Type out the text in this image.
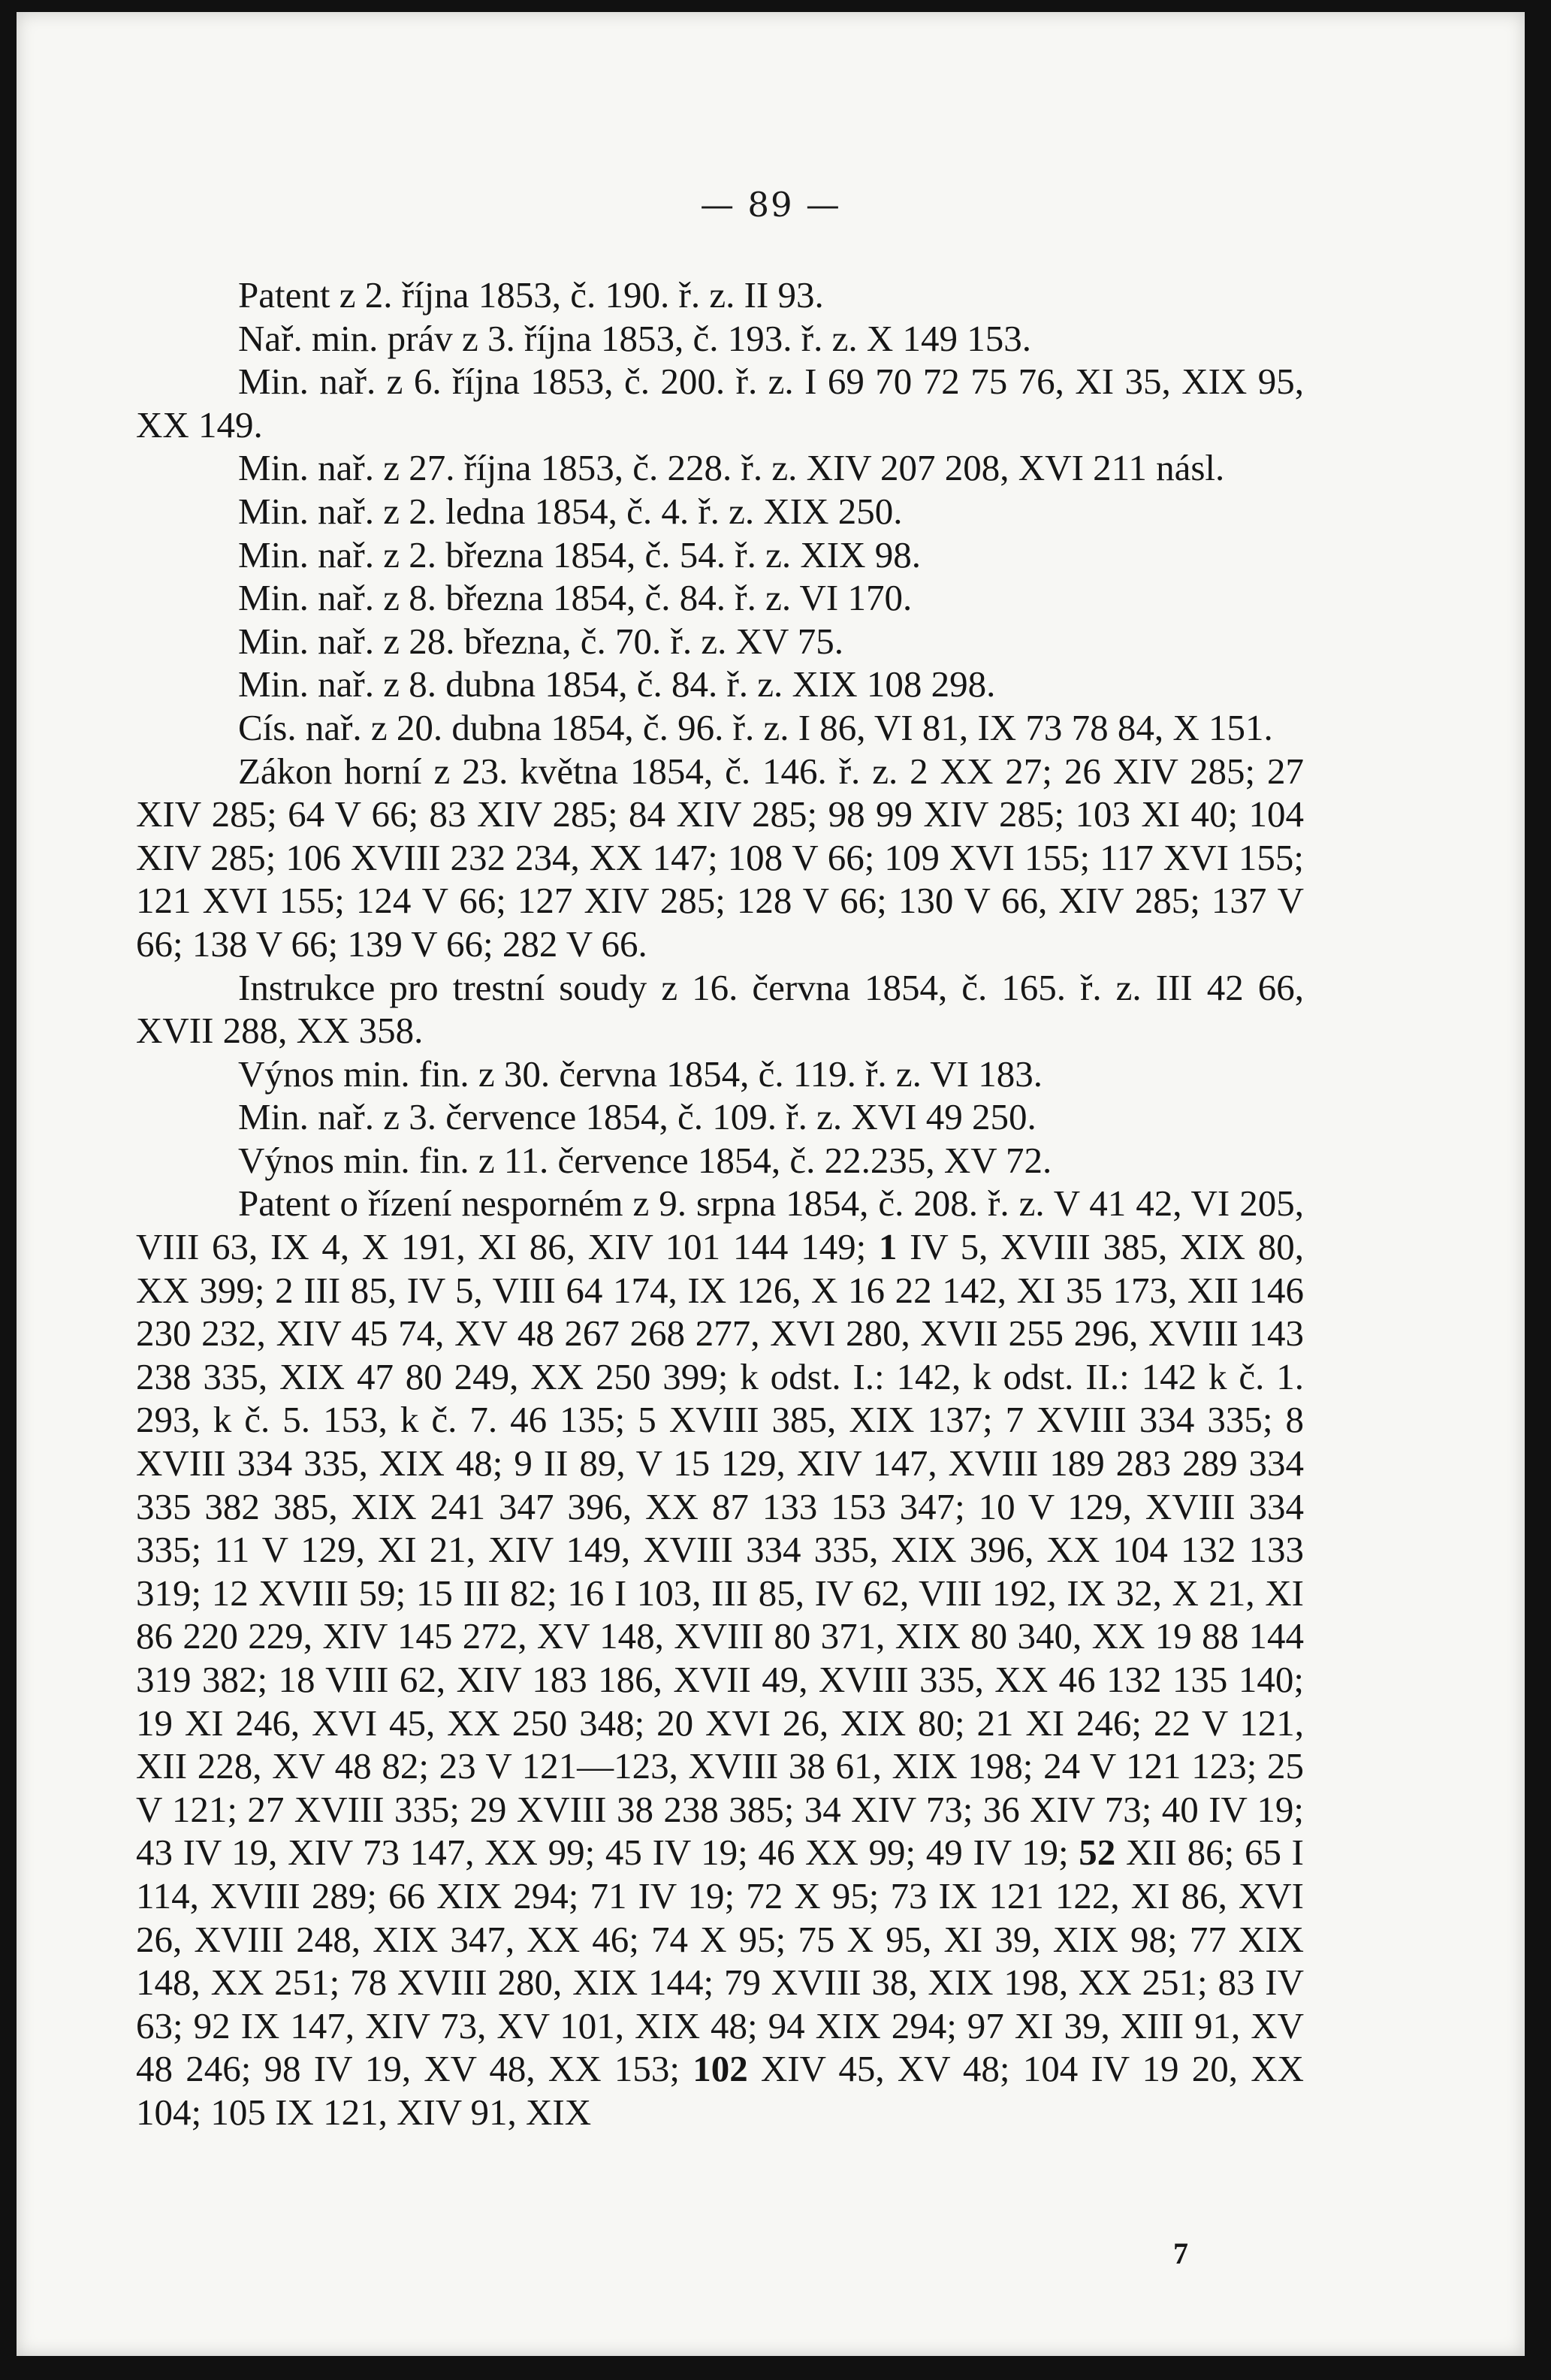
— 89 —

Patent z 2. října 1853, č. 190. ř. z. II 93.

Nař. min. práv z 3. října 1853, č. 193. ř. z. X 149 153.

Min. nař. z 6. října 1853, č. 200. ř. z. I 69 70 72 75 76, XI 35, XIX 95, XX 149.

Min. nař. z 27. října 1853, č. 228. ř. z. XIV 207 208, XVI 211 násl.

Min. nař. z 2. ledna 1854, č. 4. ř. z. XIX 250.

Min. nař. z 2. března 1854, č. 54. ř. z. XIX 98.

Min. nař. z 8. března 1854, č. 84. ř. z. VI 170.

Min. nař. z 28. března, č. 70. ř. z. XV 75.

Min. nař. z 8. dubna 1854, č. 84. ř. z. XIX 108 298.

Cís. nař. z 20. dubna 1854, č. 96. ř. z. I 86, VI 81, IX 73 78 84, X 151.

Zákon horní z 23. května 1854, č. 146. ř. z. 2 XX 27; 26 XIV 285; 27 XIV 285; 64 V 66; 83 XIV 285; 84 XIV 285; 98 99 XIV 285; 103 XI 40; 104 XIV 285; 106 XVIII 232 234, XX 147; 108 V 66; 109 XVI 155; 117 XVI 155; 121 XVI 155; 124 V 66; 127 XIV 285; 128 V 66; 130 V 66, XIV 285; 137 V 66; 138 V 66; 139 V 66; 282 V 66.

Instrukce pro trestní soudy z 16. června 1854, č. 165. ř. z. III 42 66, XVII 288, XX 358.

Výnos min. fin. z 30. června 1854, č. 119. ř. z. VI 183.

Min. nař. z 3. července 1854, č. 109. ř. z. XVI 49 250.

Výnos min. fin. z 11. července 1854, č. 22.235, XV 72.

Patent o řízení nesporném z 9. srpna 1854, č. 208. ř. z. V 41 42, VI 205, VIII 63, IX 4, X 191, XI 86, XIV 101 144 149; 1 IV 5, XVIII 385, XIX 80, XX 399; 2 III 85, IV 5, VIII 64 174, IX 126, X 16 22 142, XI 35 173, XII 146 230 232, XIV 45 74, XV 48 267 268 277, XVI 280, XVII 255 296, XVIII 143 238 335, XIX 47 80 249, XX 250 399; k odst. I.: 142, k odst. II.: 142 k č. 1. 293, k č. 5. 153, k č. 7. 46 135; 5 XVIII 385, XIX 137; 7 XVIII 334 335; 8 XVIII 334 335, XIX 48; 9 II 89, V 15 129, XIV 147, XVIII 189 283 289 334 335 382 385, XIX 241 347 396, XX 87 133 153 347; 10 V 129, XVIII 334 335; 11 V 129, XI 21, XIV 149, XVIII 334 335, XIX 396, XX 104 132 133 319; 12 XVIII 59; 15 III 82; 16 I 103, III 85, IV 62, VIII 192, IX 32, X 21, XI 86 220 229, XIV 145 272, XV 148, XVIII 80 371, XIX 80 340, XX 19 88 144 319 382; 18 VIII 62, XIV 183 186, XVII 49, XVIII 335, XX 46 132 135 140; 19 XI 246, XVI 45, XX 250 348; 20 XVI 26, XIX 80; 21 XI 246; 22 V 121, XII 228, XV 48 82; 23 V 121—123, XVIII 38 61, XIX 198; 24 V 121 123; 25 V 121; 27 XVIII 335; 29 XVIII 38 238 385; 34 XIV 73; 36 XIV 73; 40 IV 19; 43 IV 19, XIV 73 147, XX 99; 45 IV 19; 46 XX 99; 49 IV 19; 52 XII 86; 65 I 114, XVIII 289; 66 XIX 294; 71 IV 19; 72 X 95; 73 IX 121 122, XI 86, XVI 26, XVIII 248, XIX 347, XX 46; 74 X 95; 75 X 95, XI 39, XIX 98; 77 XIX 148, XX 251; 78 XVIII 280, XIX 144; 79 XVIII 38, XIX 198, XX 251; 83 IV 63; 92 IX 147, XIV 73, XV 101, XIX 48; 94 XIX 294; 97 XI 39, XIII 91, XV 48 246; 98 IV 19, XV 48, XX 153; 102 XIV 45, XV 48; 104 IV 19 20, XX 104; 105 IX 121, XIV 91, XIX

7
